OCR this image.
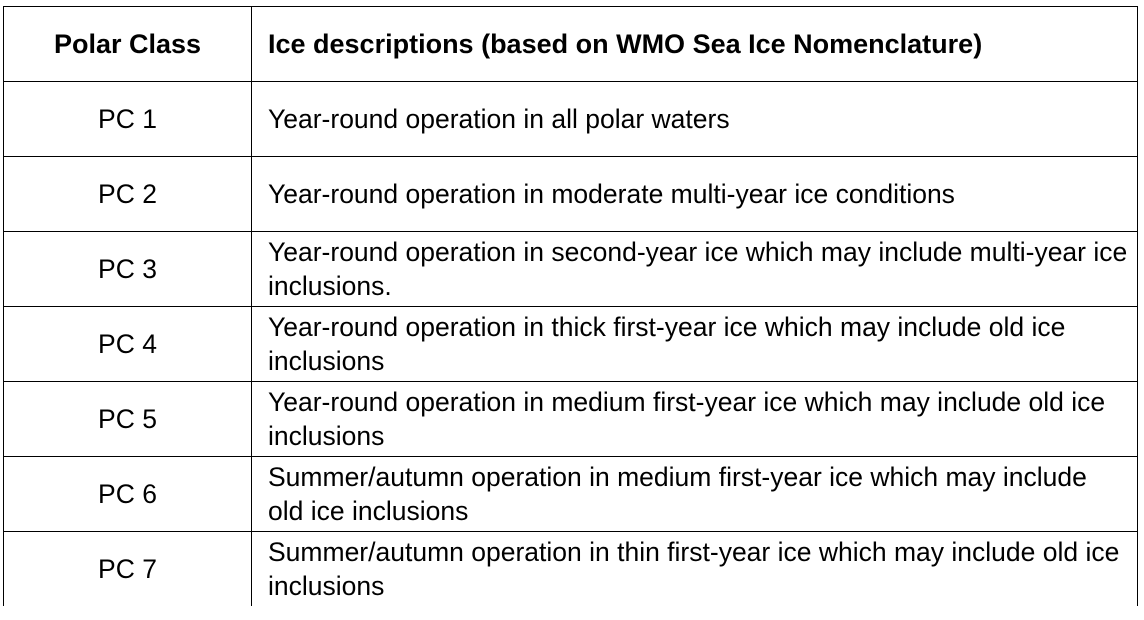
Polar Class	Ice descriptions (based on WMO Sea Ice Nomenclature)
PC 1	Year-round operation in all polar waters
PC 2	Year-round operation in moderate multi-year ice conditions
PC 3	Year-round operation in second-year ice which may include multi-year ice inclusions.
PC 4	Year-round operation in thick first-year ice which may include old ice inclusions
PC 5	Year-round operation in medium first-year ice which may include old ice inclusions
PC 6	Summer/autumn operation in medium first-year ice which may include old ice inclusions
PC 7	Summer/autumn operation in thin first-year ice which may include old ice inclusions
